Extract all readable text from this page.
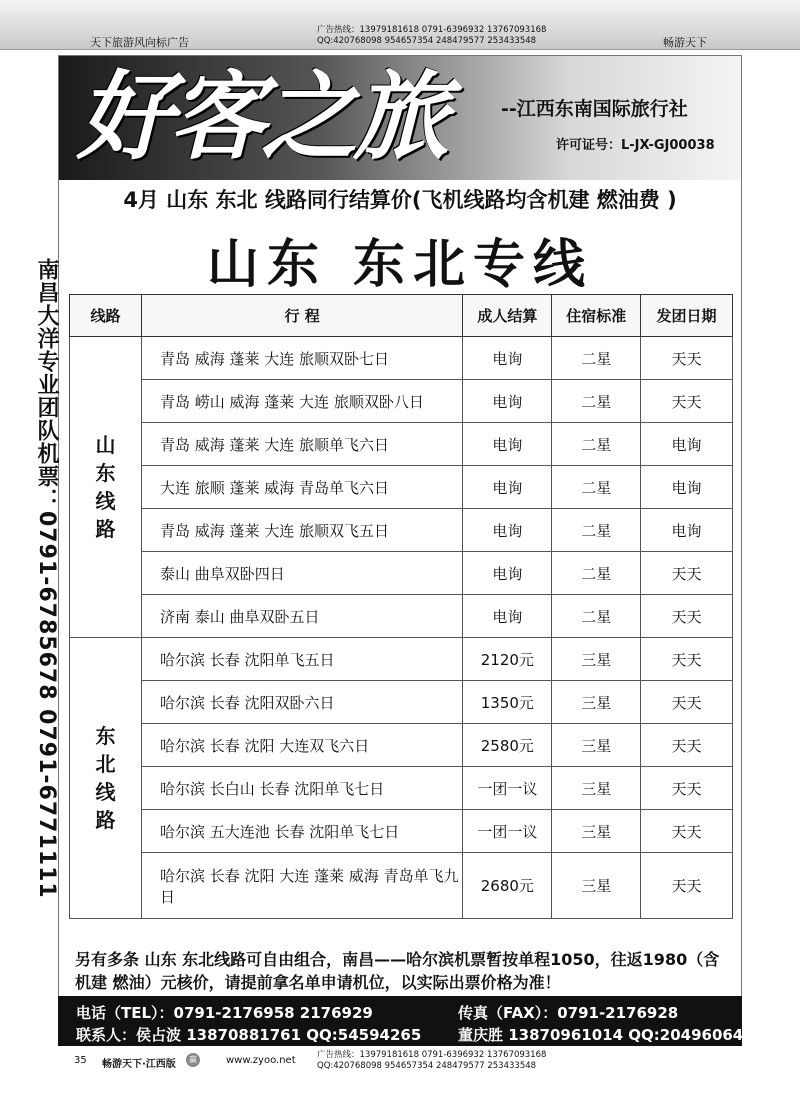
天下旅游风向标广告
广告热线：13979181618 0791-6396932 13767093168
QQ:420768098 954657354 248479577 253433548	畅游天下
好客之旅	--江西东南国际旅行社
许可证号：L-JX-GJ00038
4月 山东 东北 线路同行结算价(飞机线路均含机建 燃油费 )
山东 东北专线
南昌大洋专业团队机票：0791-6785678 0791-6771111 线路	行 程	成人结算	住宿标准	发团日期
山东线路	青岛 威海 蓬莱 大连 旅顺双卧七日	电询	二星	天天
	青岛 崂山 威海 蓬莱 大连 旅顺双卧八日	电询	二星	天天
	青岛 威海 蓬莱 大连 旅顺单飞六日	电询	二星	电询
	大连 旅顺 蓬莱 威海 青岛单飞六日	电询	二星	电询
	青岛 威海 蓬莱 大连 旅顺双飞五日	电询	二星	电询
	泰山 曲阜双卧四日	电询	二星	天天
	济南 泰山 曲阜双卧五日	电询	二星	天天
东北线路	哈尔滨 长春 沈阳单飞五日	2120元	三星	天天
	哈尔滨 长春 沈阳双卧六日	1350元	三星	天天
	哈尔滨 长春 沈阳 大连双飞六日	2580元	三星	天天
	哈尔滨 长白山 长春 沈阳单飞七日	一团一议	三星	天天
	哈尔滨 五大连池 长春 沈阳单飞七日	一团一议	三星	天天
	哈尔滨 长春 沈阳 大连 蓬莱 威海 青岛单飞九日	2680元	三星	天天
另有多条 山东 东北线路可自由组合，南昌——哈尔滨机票暂按单程1050，往返1980（含机建 燃油）元核价，请提前拿名单申请机位，以实际出票价格为准！
电话（TEL）：0791-2176958 2176929	传真（FAX）：0791-2176928
联系人：侯占波 13870881761 QQ:54594265 董庆胜 13870961014 QQ:20496064
35 畅游天下·江西版	赢	www.zyoo.net	广告热线：13979181618 0791-6396932 13767093168
QQ:420768098 954657354 248479577 253433548
